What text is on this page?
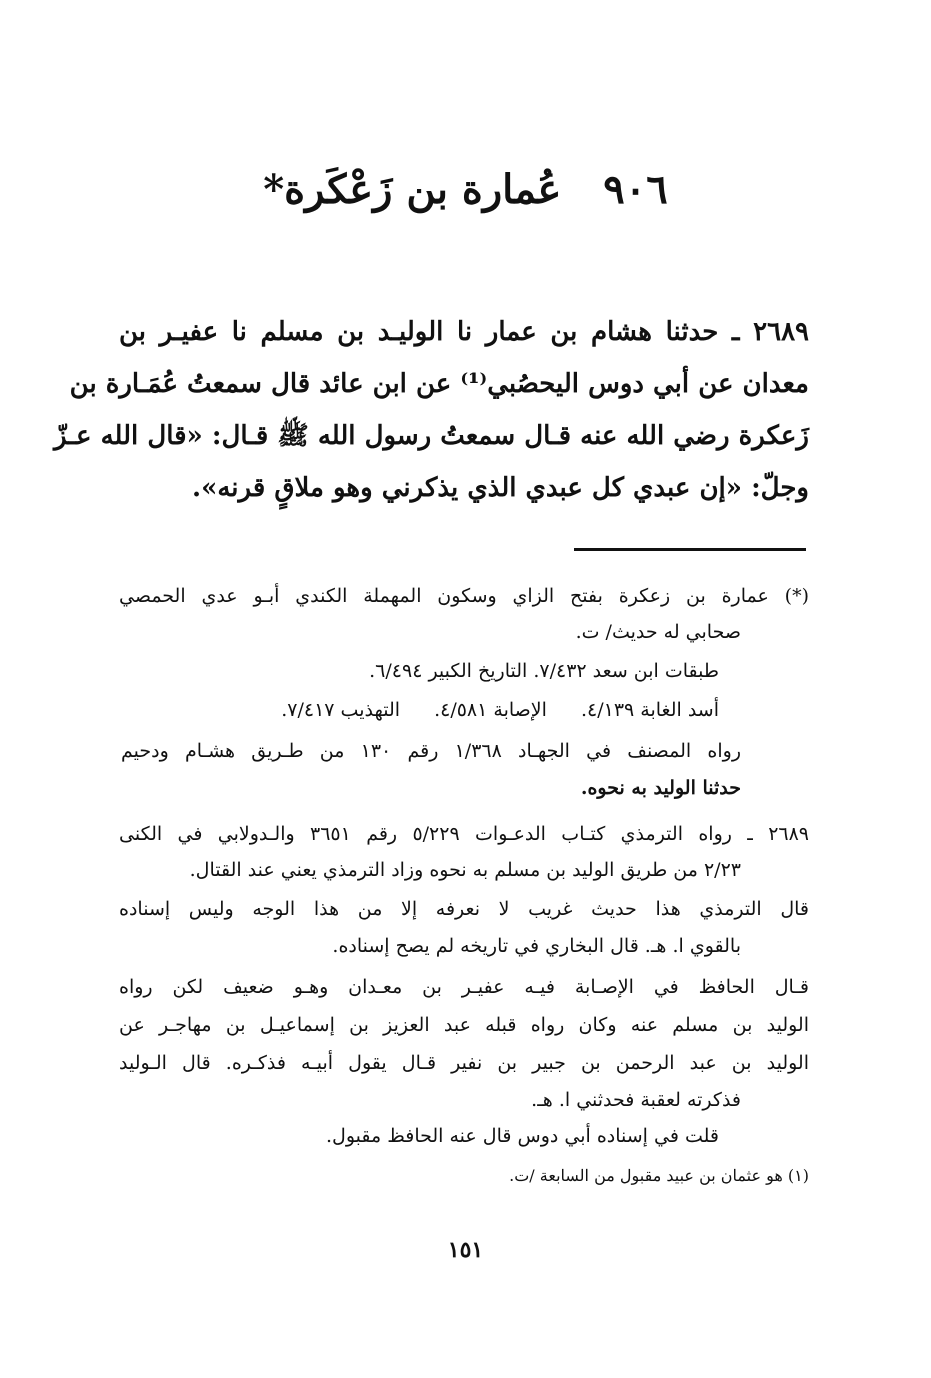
٩٠٦ عُمارة بن زَعْكَرة*
٢٦٨٩ ـ حدثنا هشام بن عمار نا الوليـد بن مسلم نا عفيـر بن
معدان عن أبي دوس اليحصُبي⁽¹⁾ عن ابن عائد قال سمعتُ عُمَـارة بن
زَعكرة رضي الله عنه قـال سمعتُ رسول الله ﷺ قـال: «قال الله عـزّ
وجلّ: «إن عبدي كل عبدي الذي يذكرني وهو ملاقٍ قرنه».
(*) عمارة بن زعكرة بفتح الزاي وسكون المهملة الكندي أبـو عدي الحمصي
صحابي له حديث/ ت.
طبقات ابن سعد ٧/٤٣٢. التاريخ الكبير ٦/٤٩٤.
أسد الغابة ٤/١٣٩. الإصابة ٤/٥٨١. التهذيب ٧/٤١٧.
رواه المصنف في الجهـاد ١/٣٦٨ رقم ١٣٠ من طـريق هشـام ودحيم
حدثنا الوليد به نحوه.
٢٦٨٩ ـ رواه الترمذي كتـاب الدعـوات ٥/٢٢٩ رقم ٣٦٥١ والـدولابي في الكنى
٢/٢٣ من طريق الوليد بن مسلم به نحوه وزاد الترمذي يعني عند القتال.
قال الترمذي هذا حديث غريب لا نعرفه إلا من هذا الوجه وليس إسناده
بالقوي ا. هـ. قال البخاري في تاريخه لم يصح إسناده.
قـال الحافظ في الإصـابة فيـه عفيـر بن معـدان وهـو ضعيف لكن رواه
الوليد بن مسلم عنه وكان رواه قبله عبد العزيز بن إسماعيـل بن مهاجـر عن
الوليد بن عبد الرحمن بن جبير بن نفير قـال يقول أبيـه فذكـره. قال الـوليد
فذكرته لعقبة فحدثني ا. هـ.
قلت في إسناده أبي دوس قال عنه الحافظ مقبول.
(١) هو عثمان بن عبيد مقبول من السابعة /ت.
١٥١
